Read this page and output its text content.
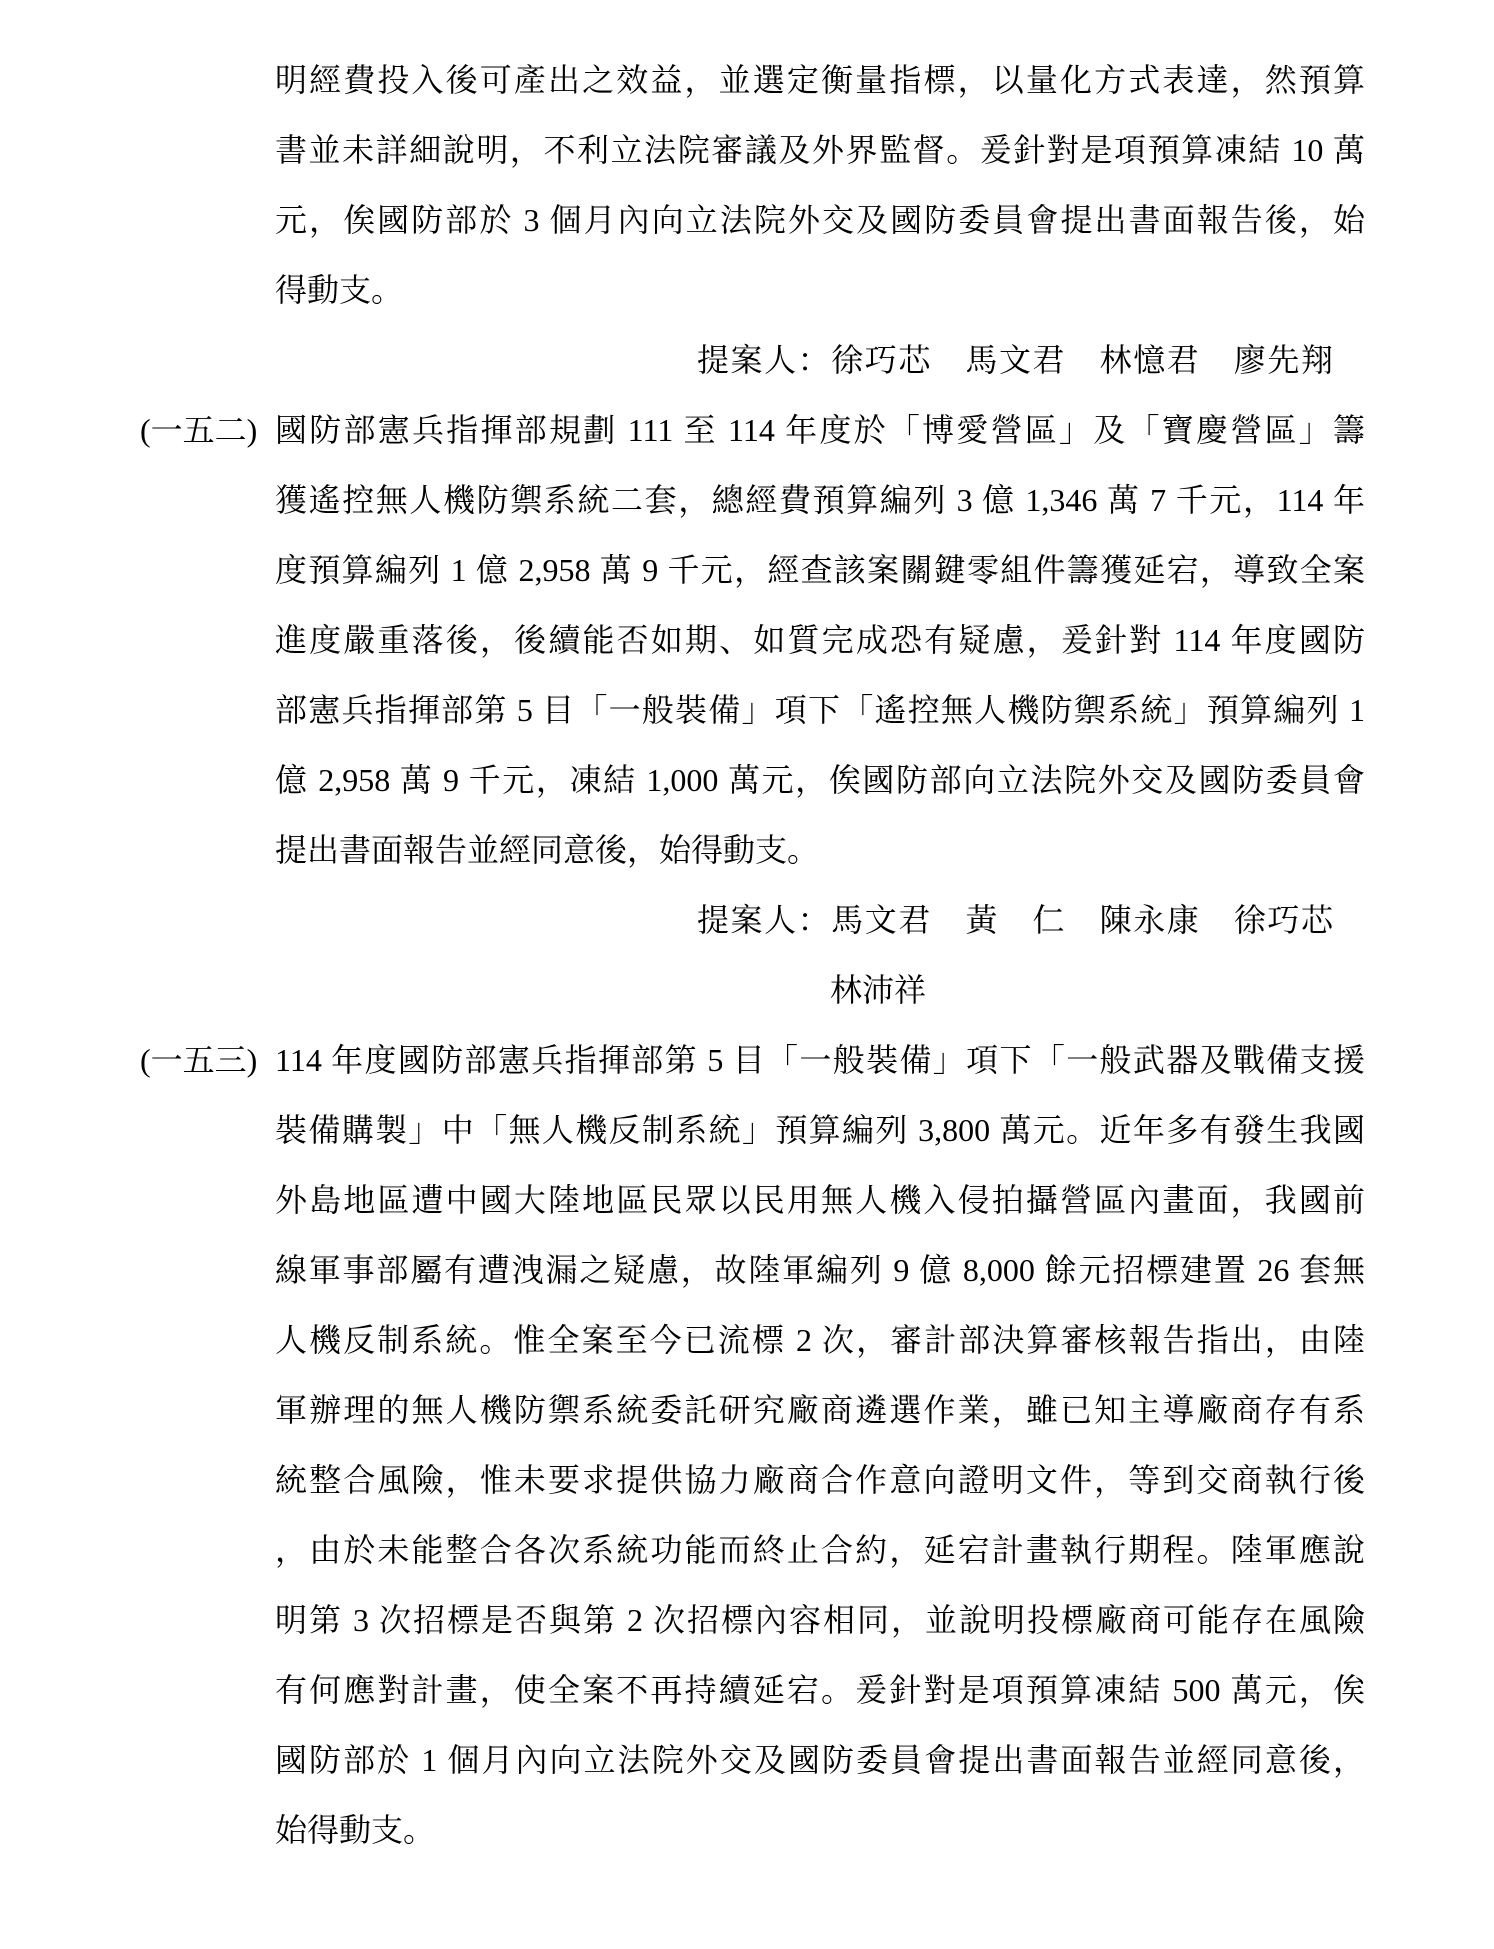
明經費投入後可產出之效益，並選定衡量指標，以量化方式表達，然預算
書並未詳細說明，不利立法院審議及外界監督。爰針對是項預算凍結 10 萬
元，俟國防部於 3 個月內向立法院外交及國防委員會提出書面報告後，始
得動支。
提案人：徐巧芯　馬文君　林憶君　廖先翔
(一五二) 國防部憲兵指揮部規劃 111 至 114 年度於「博愛營區」及「寶慶營區」籌
獲遙控無人機防禦系統二套，總經費預算編列 3 億 1,346 萬 7 千元，114 年
度預算編列 1 億 2,958 萬 9 千元，經查該案關鍵零組件籌獲延宕，導致全案
進度嚴重落後，後續能否如期、如質完成恐有疑慮，爰針對 114 年度國防
部憲兵指揮部第 5 目「一般裝備」項下「遙控無人機防禦系統」預算編列 1
億 2,958 萬 9 千元，凍結 1,000 萬元，俟國防部向立法院外交及國防委員會
提出書面報告並經同意後，始得動支。
提案人：馬文君　黃　仁　陳永康　徐巧芯
林沛祥
(一五三) 114 年度國防部憲兵指揮部第 5 目「一般裝備」項下「一般武器及戰備支援
裝備購製」中「無人機反制系統」預算編列 3,800 萬元。近年多有發生我國
外島地區遭中國大陸地區民眾以民用無人機入侵拍攝營區內畫面，我國前
線軍事部屬有遭洩漏之疑慮，故陸軍編列 9 億 8,000 餘元招標建置 26 套無
人機反制系統。惟全案至今已流標 2 次，審計部決算審核報告指出，由陸
軍辦理的無人機防禦系統委託研究廠商遴選作業，雖已知主導廠商存有系
統整合風險，惟未要求提供協力廠商合作意向證明文件，等到交商執行後
，由於未能整合各次系統功能而終止合約，延宕計畫執行期程。陸軍應說
明第 3 次招標是否與第 2 次招標內容相同，並說明投標廠商可能存在風險
有何應對計畫，使全案不再持續延宕。爰針對是項預算凍結 500 萬元，俟
國防部於 1 個月內向立法院外交及國防委員會提出書面報告並經同意後，
始得動支。
